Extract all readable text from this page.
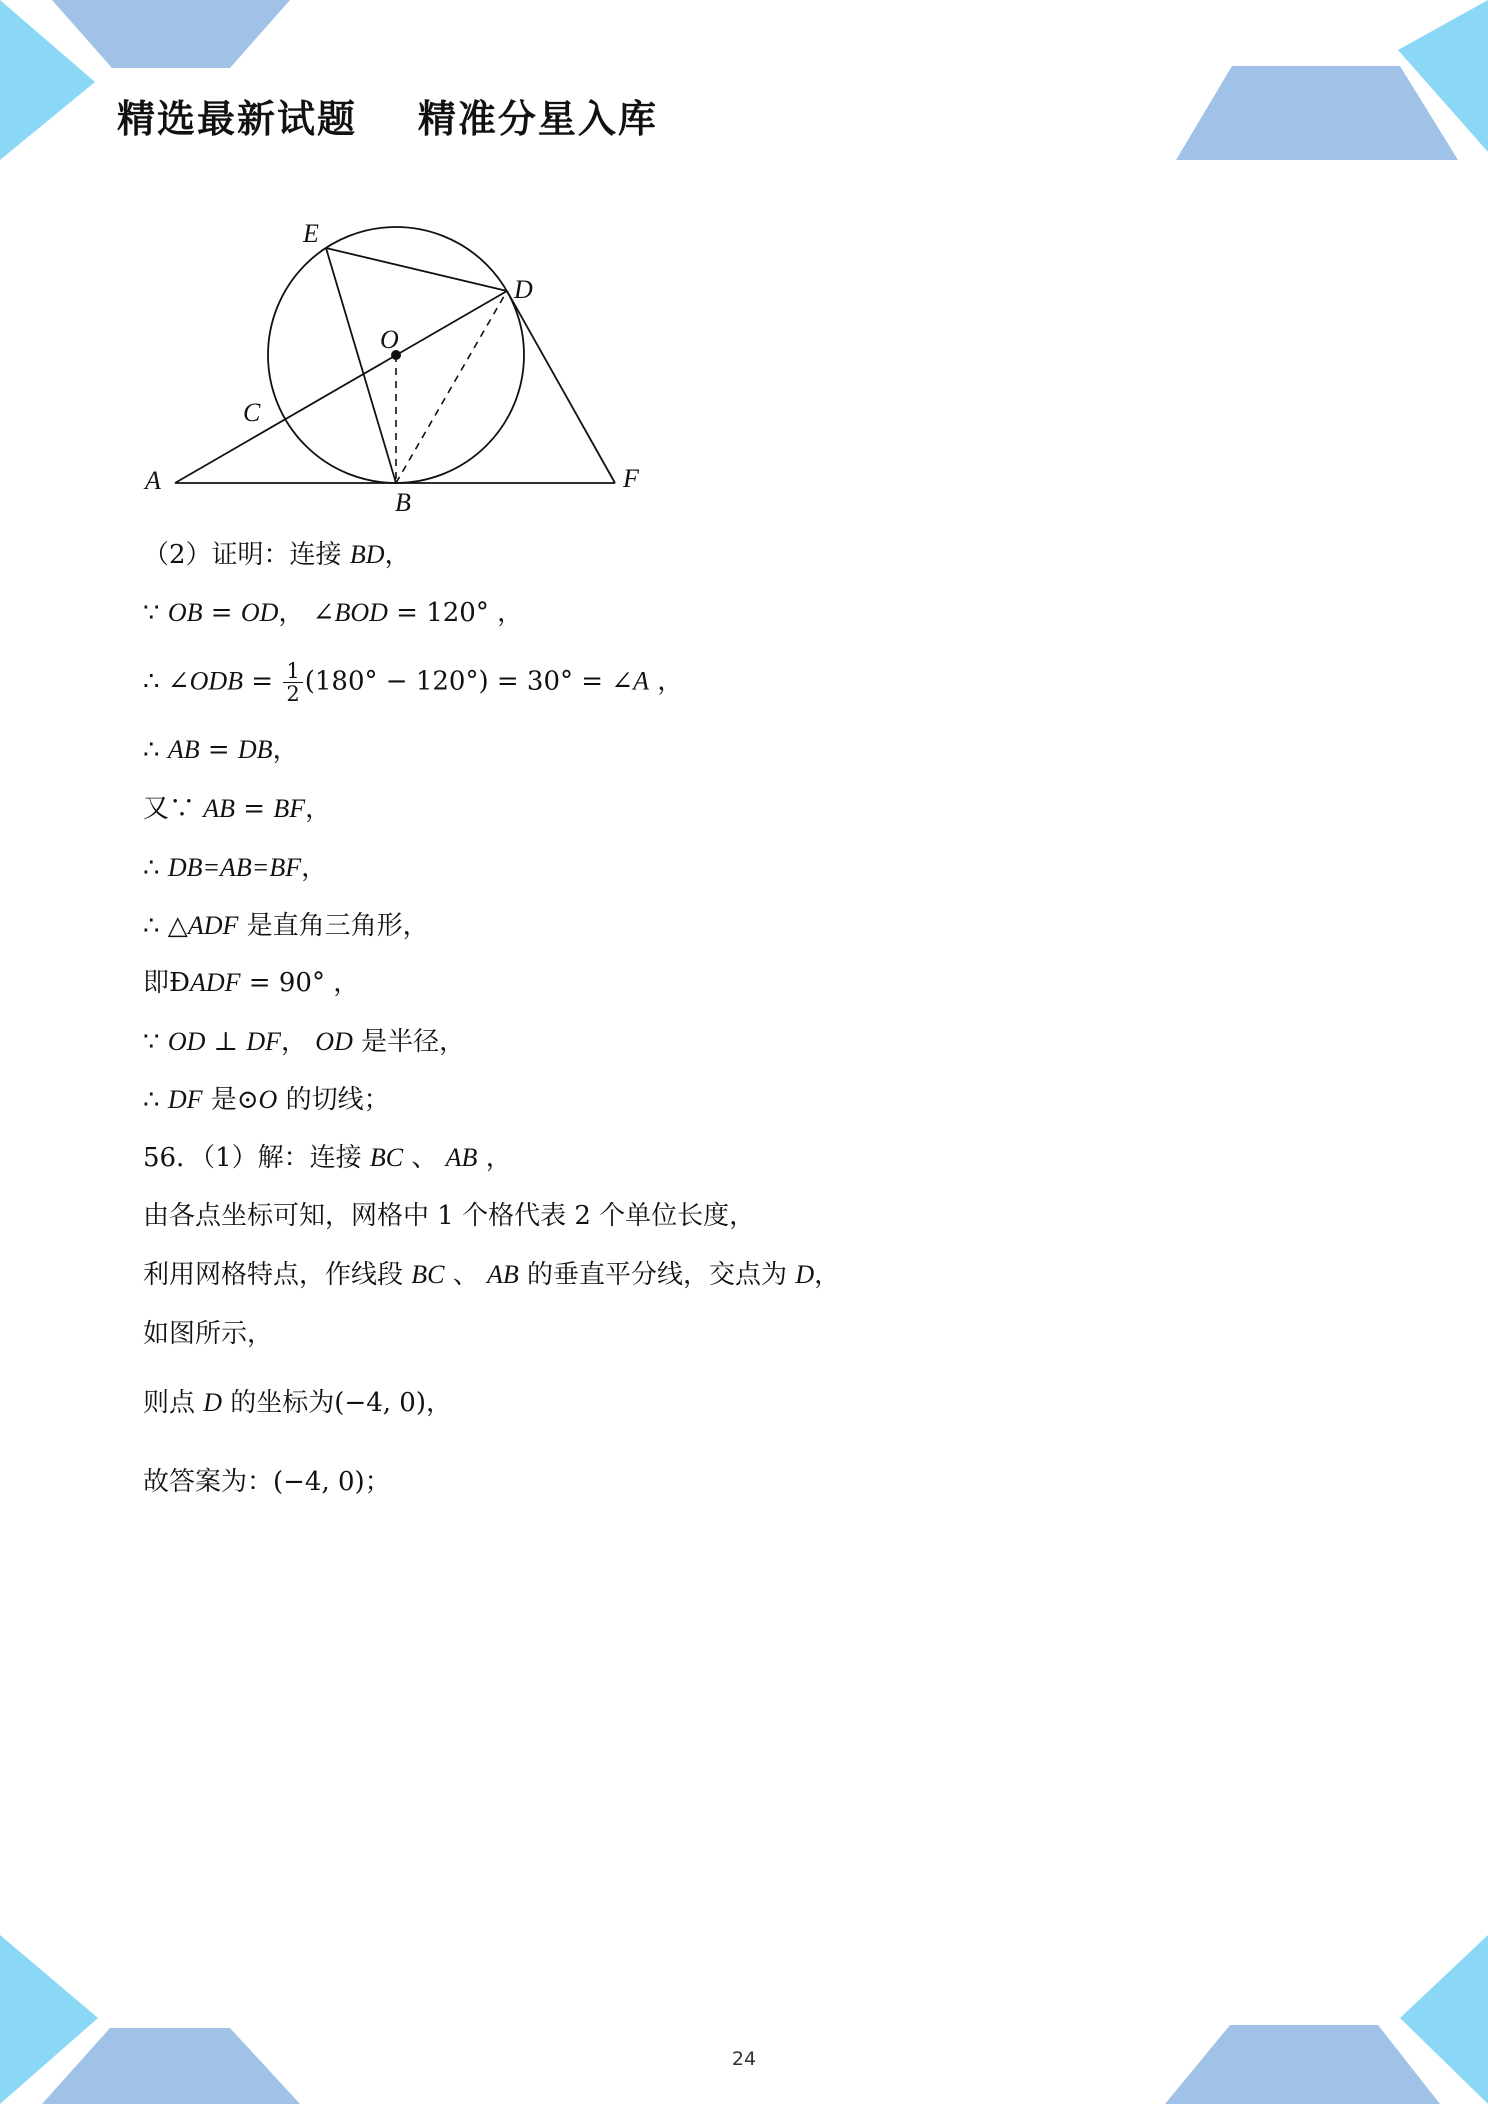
精选最新试题    精准分星入库
E
D
O
C
A
B
F
（2）证明：连接 BD，
∵ OB = OD， ∠BOD = 120° ，
∴ ∠ODB = $\frac{1}{2} (180^\circ - 120^\circ) = 30^\circ$ = ∠A ，
∴ AB = DB，
又∵ AB = BF，
∴ DB=AB=BF，
∴ △ADF 是直角三角形，
即ÐADF = 90° ，
∵ OD ⊥ DF， OD 是半径，
∴ DF 是⊙O 的切线；
56．（1）解：连接 BC 、 AB ，
由各点坐标可知，网格中 1 个格代表 2 个单位长度，
利用网格特点，作线段 BC 、 AB 的垂直平分线，交点为 D，
如图所示，
则点 D 的坐标为(−4, 0)，
故答案为：(−4, 0)；
24
